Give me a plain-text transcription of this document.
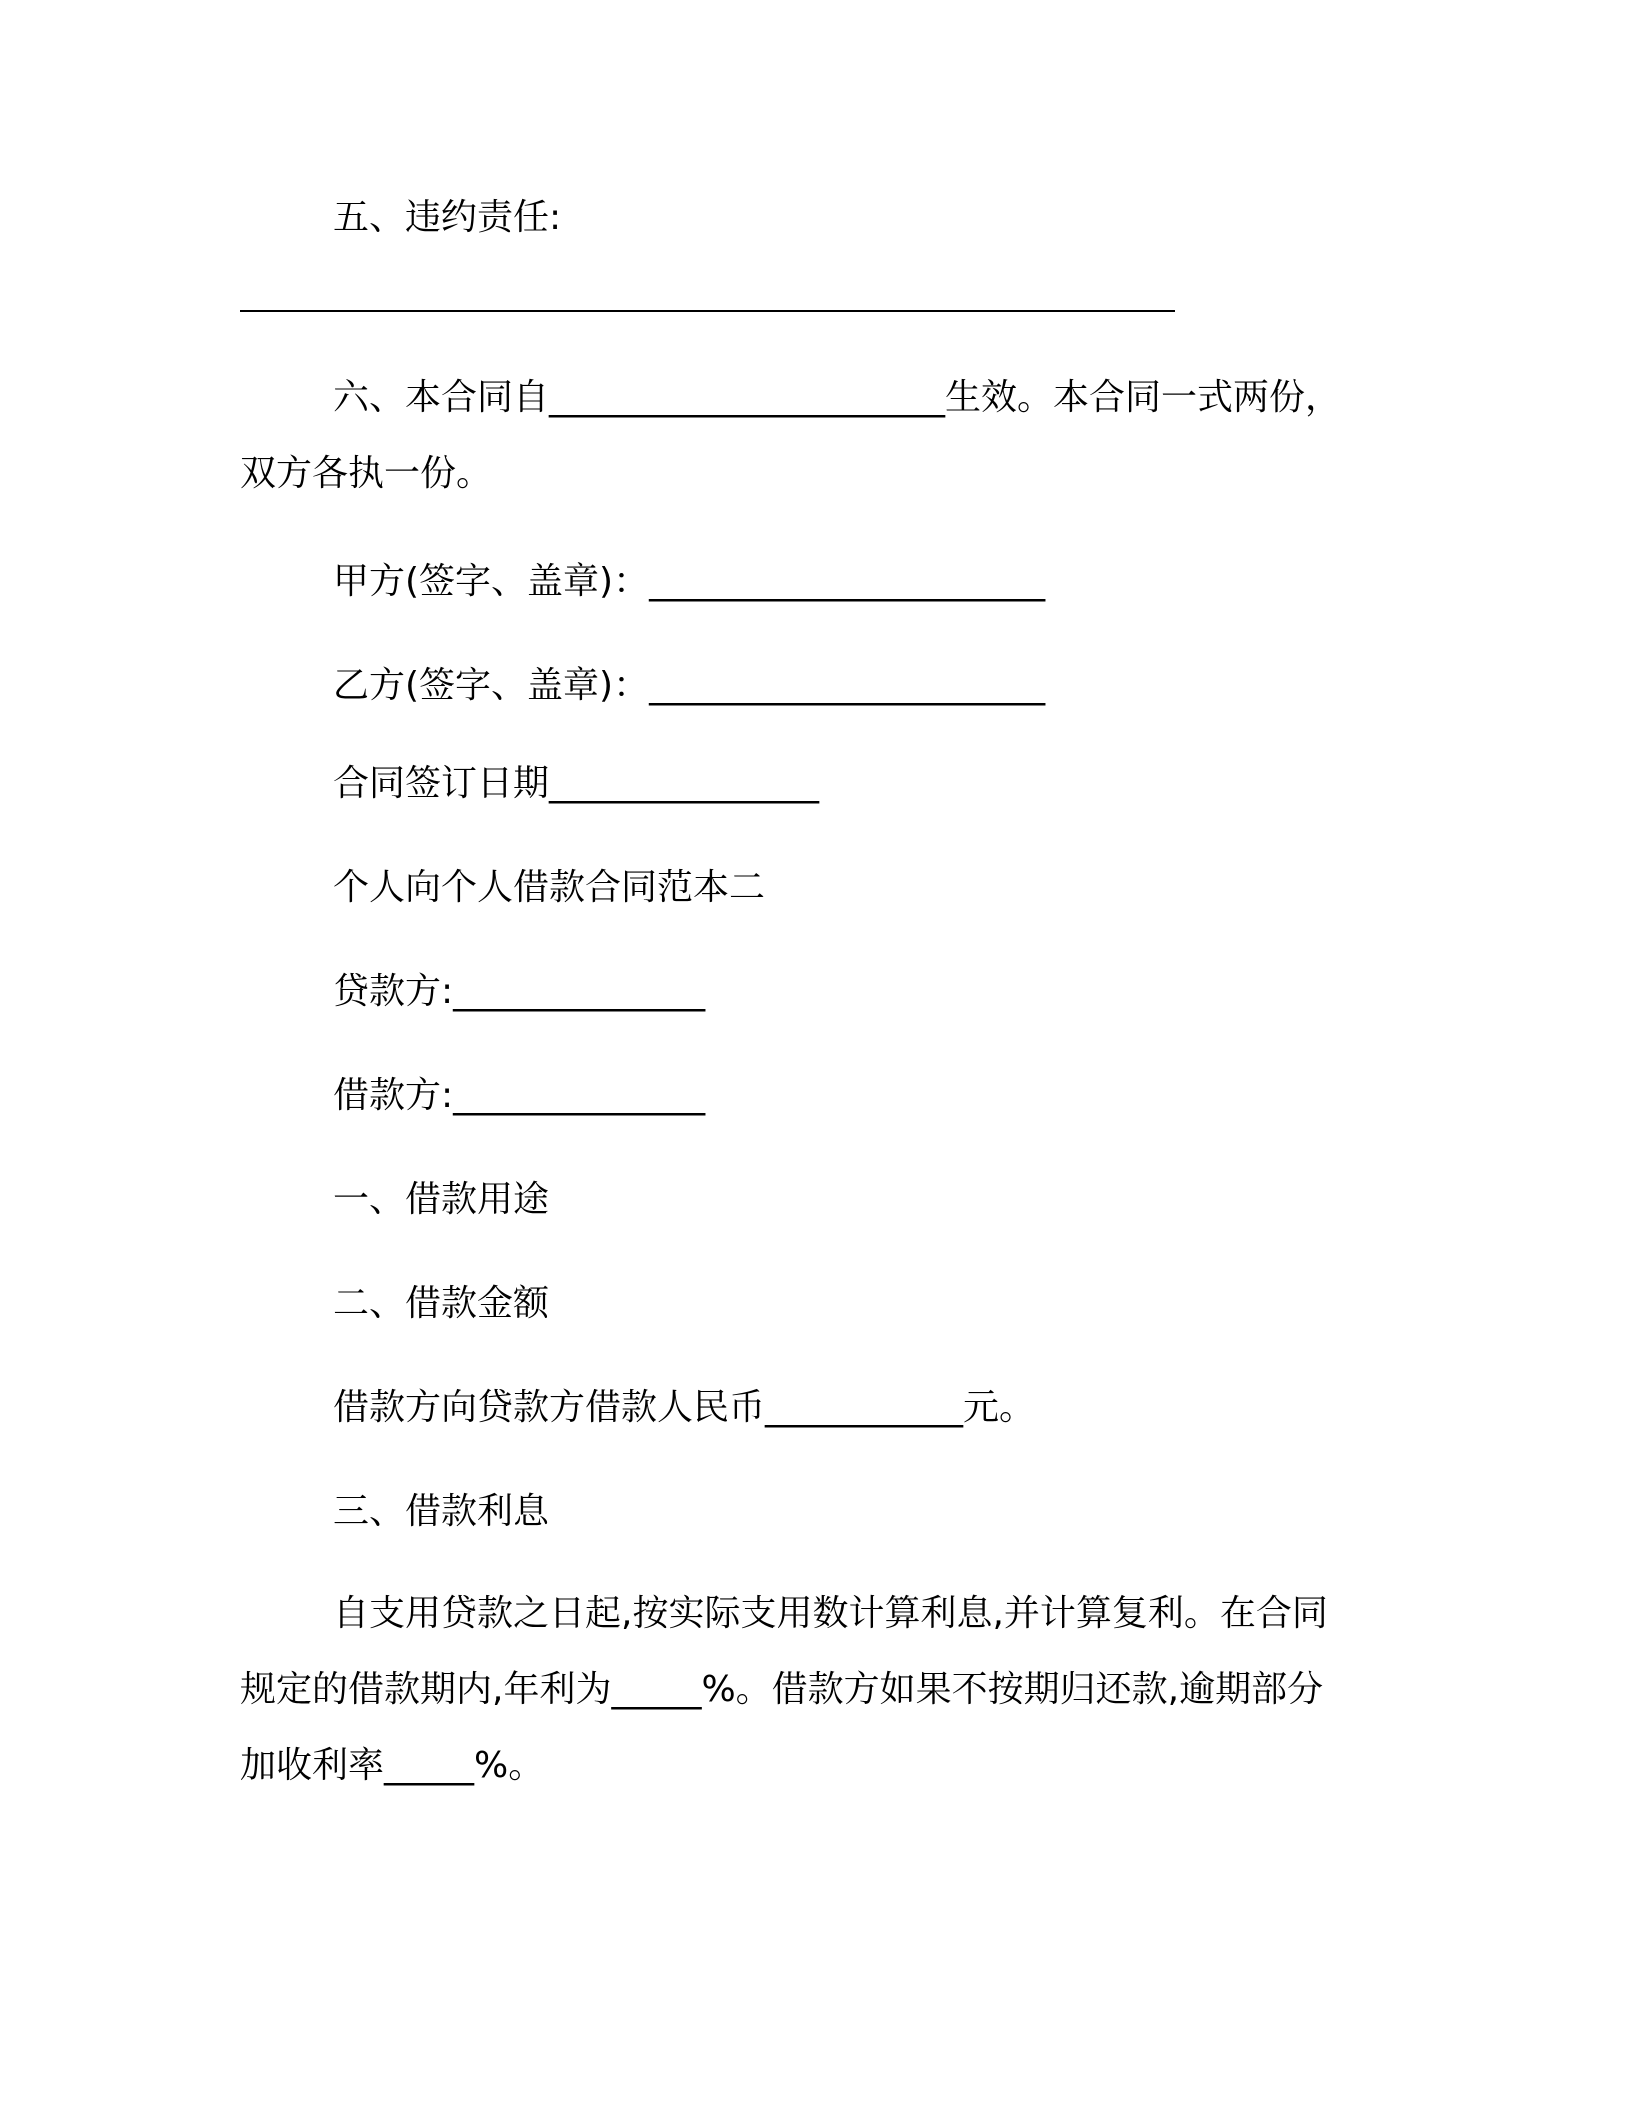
五、违约责任:
六、本合同自______________________生效。本合同一式两份，
双方各执一份。
甲方(签字、盖章)：______________________
乙方(签字、盖章)：______________________
合同签订日期_______________
个人向个人借款合同范本二
贷款方:______________
借款方:______________
一、借款用途
二、借款金额
借款方向贷款方借款人民币___________元。
三、借款利息
自支用贷款之日起,按实际支用数计算利息,并计算复利。在合同
规定的借款期内,年利为_____%。借款方如果不按期归还款,逾期部分
加收利率_____%。
